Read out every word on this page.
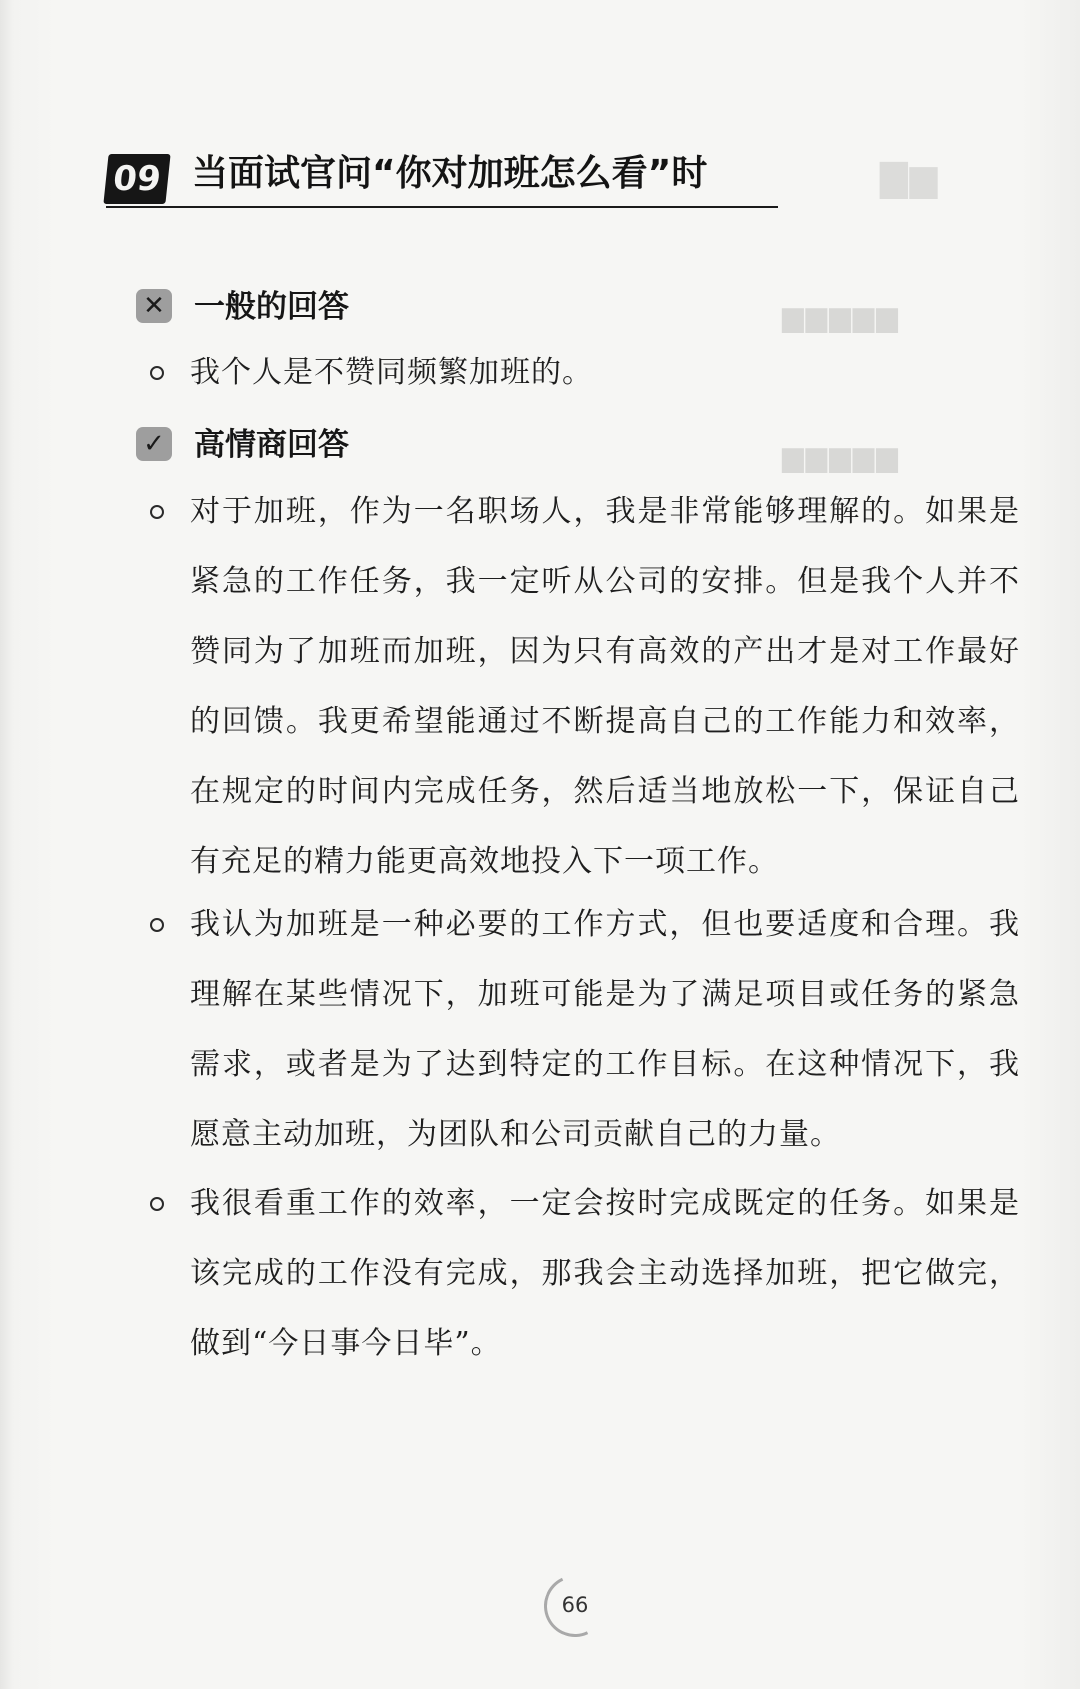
▇▆
▆▆▆▆▆
▆▆▆▆▆
09 当面试官问“你对加班怎么看”时
✕ 一般的回答
我个人是不赞同频繁加班的。
✓ 高情商回答
对于加班，作为一名职场人，我是非常能够理解的。如果是紧急的工作任务，我一定听从公司的安排。但是我个人并不赞同为了加班而加班，因为只有高效的产出才是对工作最好的回馈。我更希望能通过不断提高自己的工作能力和效率，在规定的时间内完成任务，然后适当地放松一下，保证自己有充足的精力能更高效地投入下一项工作。
我认为加班是一种必要的工作方式，但也要适度和合理。我理解在某些情况下，加班可能是为了满足项目或任务的紧急需求，或者是为了达到特定的工作目标。在这种情况下，我愿意主动加班，为团队和公司贡献自己的力量。
我很看重工作的效率，一定会按时完成既定的任务。如果是该完成的工作没有完成，那我会主动选择加班，把它做完，做到“今日事今日毕”。
66
